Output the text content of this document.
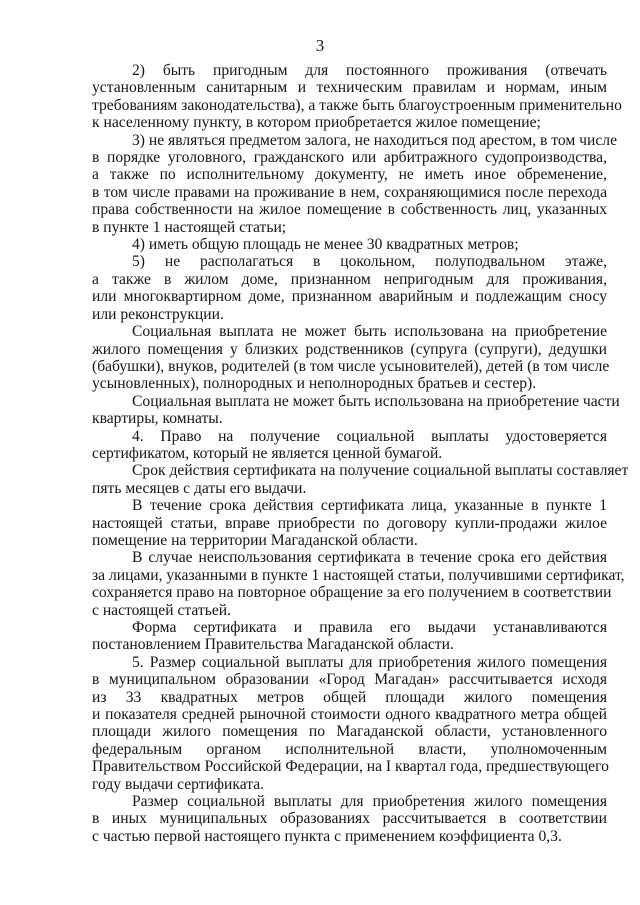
3
2) быть пригодным для постоянного проживания (отвечать
установленным санитарным и техническим правилам и нормам, иным
требованиям законодательства), а также быть благоустроенным применительно
к населенному пункту, в котором приобретается жилое помещение;
3) не являться предметом залога, не находиться под арестом, в том числе
в порядке уголовного, гражданского или арбитражного судопроизводства,
а также по исполнительному документу, не иметь иное обременение,
в том числе правами на проживание в нем, сохраняющимися после перехода
права собственности на жилое помещение в собственность лиц, указанных
в пункте 1 настоящей статьи;
4) иметь общую площадь не менее 30 квадратных метров;
5) не располагаться в цокольном, полуподвальном этаже,
а также в жилом доме, признанном непригодным для проживания,
или многоквартирном доме, признанном аварийным и подлежащим сносу
или реконструкции.
Социальная выплата не может быть использована на приобретение
жилого помещения у близких родственников (супруга (супруги), дедушки
(бабушки), внуков, родителей (в том числе усыновителей), детей (в том числе
усыновленных), полнородных и неполнородных братьев и сестер).
Социальная выплата не может быть использована на приобретение части
квартиры, комнаты.
4. Право на получение социальной выплаты удостоверяется
сертификатом, который не является ценной бумагой.
Срок действия сертификата на получение социальной выплаты составляет
пять месяцев с даты его выдачи.
В течение срока действия сертификата лица, указанные в пункте 1
настоящей статьи, вправе приобрести по договору купли-продажи жилое
помещение на территории Магаданской области.
В случае неиспользования сертификата в течение срока его действия
за лицами, указанными в пункте 1 настоящей статьи, получившими сертификат,
сохраняется право на повторное обращение за его получением в соответствии
с настоящей статьей.
Форма сертификата и правила его выдачи устанавливаются
постановлением Правительства Магаданской области.
5. Размер социальной выплаты для приобретения жилого помещения
в муниципальном образовании «Город Магадан» рассчитывается исходя
из 33 квадратных метров общей площади жилого помещения
и показателя средней рыночной стоимости одного квадратного метра общей
площади жилого помещения по Магаданской области, установленного
федеральным органом исполнительной власти, уполномоченным
Правительством Российской Федерации, на I квартал года, предшествующего
году выдачи сертификата.
Размер социальной выплаты для приобретения жилого помещения
в иных муниципальных образованиях рассчитывается в соответствии
с частью первой настоящего пункта с применением коэффициента 0,3.
